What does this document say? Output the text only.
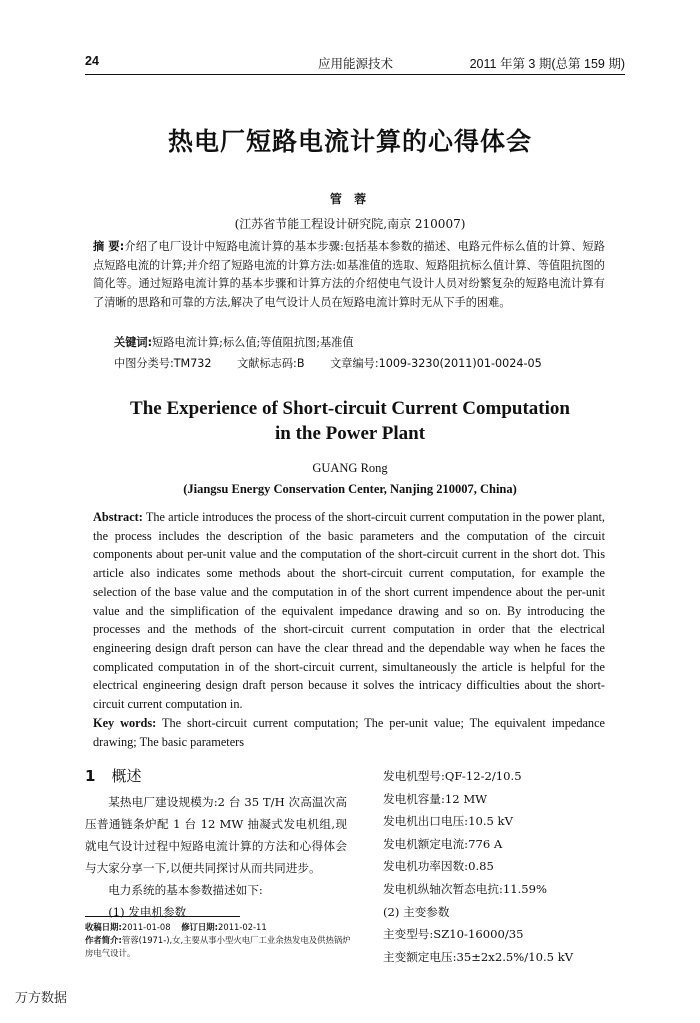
24	应用能源技术	2011 年第 3 期(总第 159 期)
热电厂短路电流计算的心得体会
管 蓉
(江苏省节能工程设计研究院,南京 210007)
摘 要:介绍了电厂设计中短路电流计算的基本步骤:包括基本参数的描述、电路元件标么值的计算、短路点短路电流的计算;并介绍了短路电流的计算方法:如基准值的选取、短路阻抗标么值计算、等值阻抗图的简化等。通过短路电流计算的基本步骤和计算方法的介绍使电气设计人员对纷繁复杂的短路电流计算有了清晰的思路和可靠的方法,解决了电气设计人员在短路电流计算时无从下手的困难。
关键词:短路电流计算;标么值;等值阻抗图;基准值
中图分类号:TM732 文献标志码:B 文章编号:1009-3230(2011)01-0024-05
The Experience of Short-circuit Current Computation
in the Power Plant
GUANG Rong
(Jiangsu Energy Conservation Center, Nanjing 210007, China)
Abstract: The article introduces the process of the short-circuit current computation in the power plant, the process includes the description of the basic parameters and the computation of the circuit components about per-unit value and the computation of the short-circuit current in the short dot. This article also indicates some methods about the short-circuit current computation, for example the selection of the base value and the computation in of the short current impendence about the per-unit value and the simplification of the equivalent impedance drawing and so on. By introducing the processes and the methods of the short-circuit current computation in order that the electrical engineering design draft person can have the clear thread and the dependable way when he faces the complicated computation in of the short-circuit current, simultaneously the article is helpful for the electrical engineering design draft person because it solves the intricacy difficulties about the short-circuit current computation in.
Key words: The short-circuit current computation; The per-unit value; The equivalent impedance drawing; The basic parameters
1 概述
某热电厂建设规模为:2 台 35 T/H 次高温次高压普通链条炉配 1 台 12 MW 抽凝式发电机组,现就电气设计过程中短路电流计算的方法和心得体会与大家分享一下,以便共同探讨从而共同进步。
电力系统的基本参数描述如下:
(1) 发电机参数
收稿日期:2011-01-08 修订日期:2011-02-11
作者简介:管蓉(1971-),女,主要从事小型火电厂工业余热发电及供热锅炉房电气设计。
发电机型号:QF-12-2/10.5
发电机容量:12 MW
发电机出口电压:10.5 kV
发电机额定电流:776 A
发电机功率因数:0.85
发电机纵轴次暂态电抗:11.59%
(2) 主变参数
主变型号:SZ10-16000/35
主变额定电压:35±2x2.5%/10.5 kV
万方数据
